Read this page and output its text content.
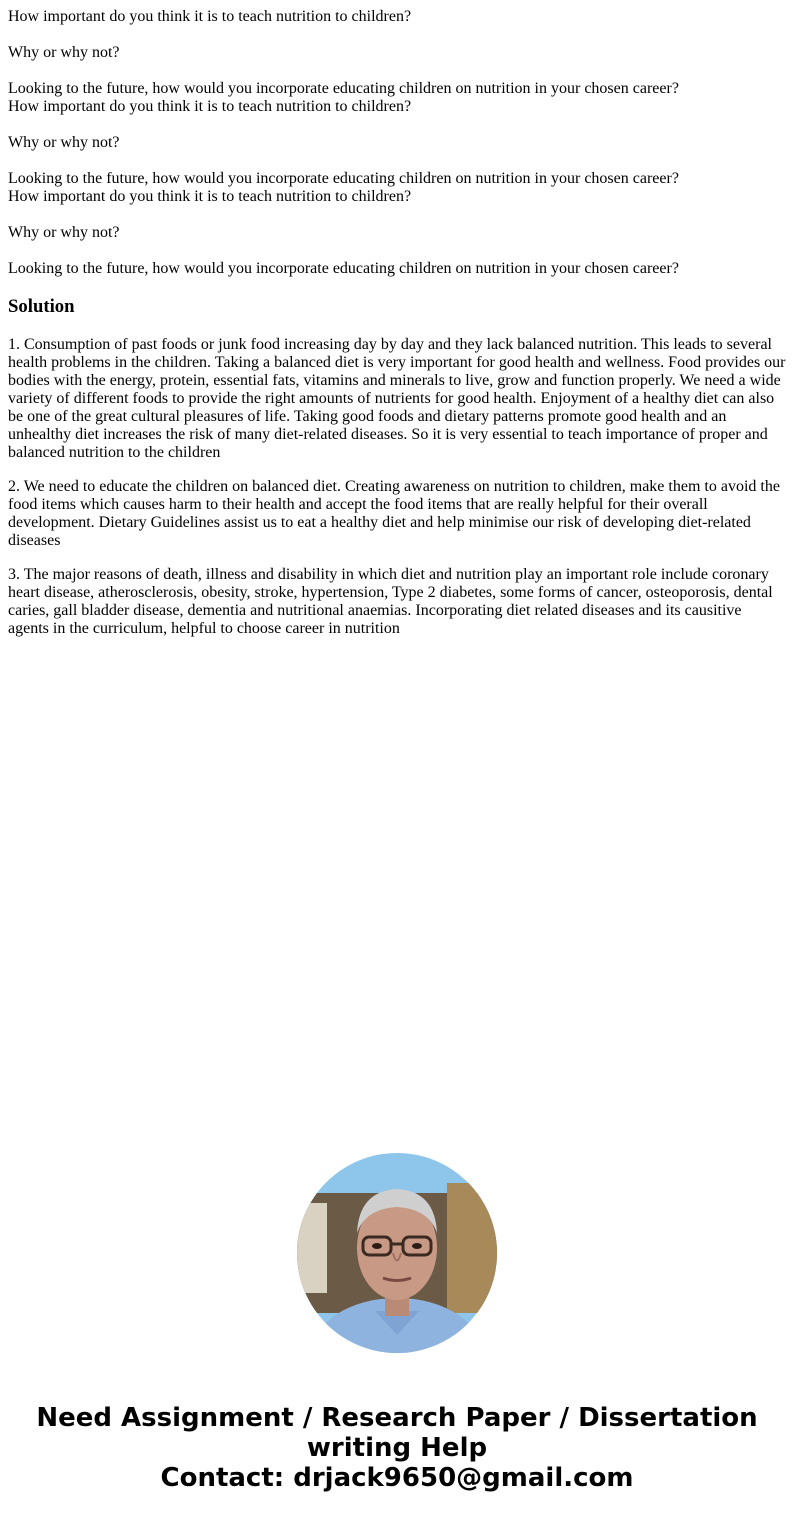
How important do you think it is to teach nutrition to children?

Why or why not?

Looking to the future, how would you incorporate educating children on nutrition in your chosen career?

How important do you think it is to teach nutrition to children?

Why or why not?

Looking to the future, how would you incorporate educating children on nutrition in your chosen career?

How important do you think it is to teach nutrition to children?

Why or why not?

Looking to the future, how would you incorporate educating children on nutrition in your chosen career?

Solution

1. Consumption of past foods or junk food increasing day by day and they lack balanced nutrition. This leads to several health problems in the children. Taking a balanced diet is very important for good health and wellness. Food provides our bodies with the energy, protein, essential fats, vitamins and minerals to live, grow and function properly. We need a wide variety of different foods to provide the right amounts of nutrients for good health. Enjoyment of a healthy diet can also be one of the great cultural pleasures of life. Taking good foods and dietary patterns promote good health and an unhealthy diet increases the risk of many diet-related diseases. So it is very essential to teach importance of proper and balanced nutrition to the children

2. We need to educate the children on balanced diet. Creating awareness on nutrition to children, make them to avoid the food items which causes harm to their health and accept the food items that are really helpful for their overall development. Dietary Guidelines assist us to eat a healthy diet and help minimise our risk of developing diet-related diseases

3. The major reasons of death, illness and disability in which diet and nutrition play an important role include coronary heart disease, atherosclerosis, obesity, stroke, hypertension, Type 2 diabetes, some forms of cancer, osteoporosis, dental caries, gall bladder disease, dementia and nutritional anaemias. Incorporating diet related diseases and its causitive agents in the curriculum, helpful to choose career in nutrition

Need Assignment / Research Paper / Dissertation
writing Help
Contact: drjack9650@gmail.com
